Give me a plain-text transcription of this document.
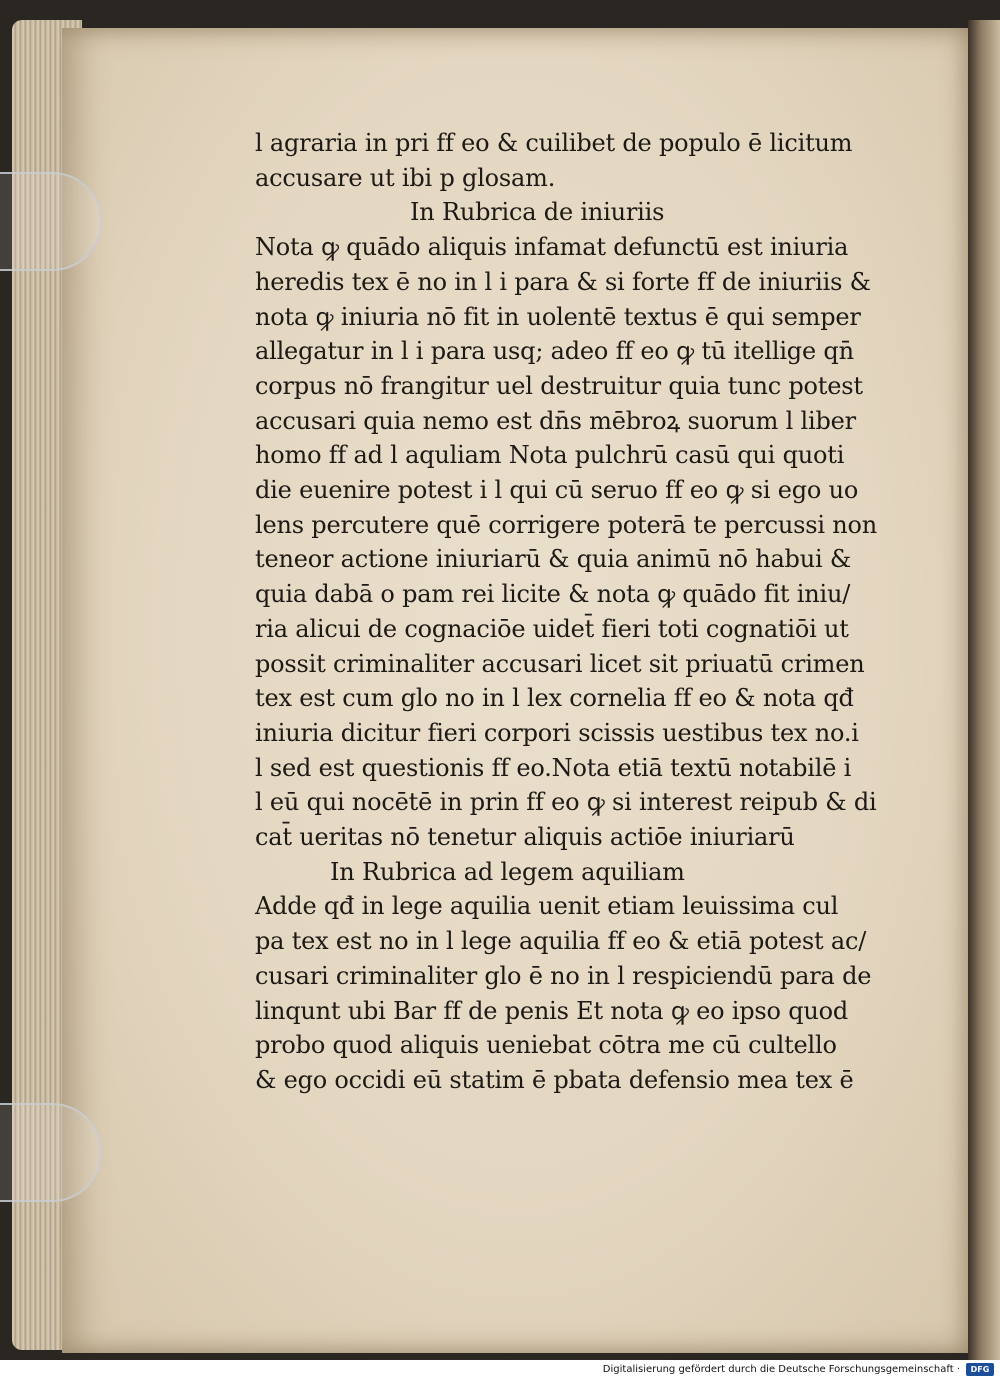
l agraria in pri ff eo & cuilibet de populo ē licitum
accusare ut ibi p glosam.
In Rubrica de iniuriis
Nota ꝙ quādo aliquis infamat defunctū est iniuria
heredis tex ē no in l i para & si forte ff de iniuriis &
nota ꝙ iniuria nō fit in uolentē textus ē qui semper
allegatur in l i para usq; adeo ff eo ꝙ tū itellige qn̄
corpus nō frangitur uel destruitur quia tunc potest
accusari quia nemo est dn̄s mēbroꝝ suorum l liber
homo ff ad l aquliam Nota pulchrū casū qui quoti
die euenire potest i l qui cū seruo ff eo ꝙ si ego uo
lens percutere quē corrigere poterā te percussi non
teneor actione iniuriarū & quia animū nō habui &
quia dabā o pam rei licite & nota ꝙ quādo fit iniu/
ria alicui de cognaciōe uidet̄ fieri toti cognatiōi ut
possit criminaliter accusari licet sit priuatū crimen
tex est cum glo no in l lex cornelia ff eo & nota qđ
iniuria dicitur fieri corpori scissis uestibus tex no.i
l sed est questionis ff eo.Nota etiā textū notabilē i
l eū qui nocētē in prin ff eo ꝙ si interest reipub & di
cat̄ ueritas nō tenetur aliquis actiōe iniuriarū
In Rubrica ad legem aquiliam
Adde qđ in lege aquilia uenit etiam leuissima cul
pa tex est no in l lege aquilia ff eo & etiā potest ac/
cusari criminaliter glo ē no in l respiciendū para de
linqunt ubi Bar ff de penis Et nota ꝙ eo ipso quod
probo quod aliquis ueniebat cōtra me cū cultello
& ego occidi eū statim ē pbata defensio mea tex ē
Digitalisierung gefördert durch die Deutsche Forschungsgemeinschaft ·	DFG
